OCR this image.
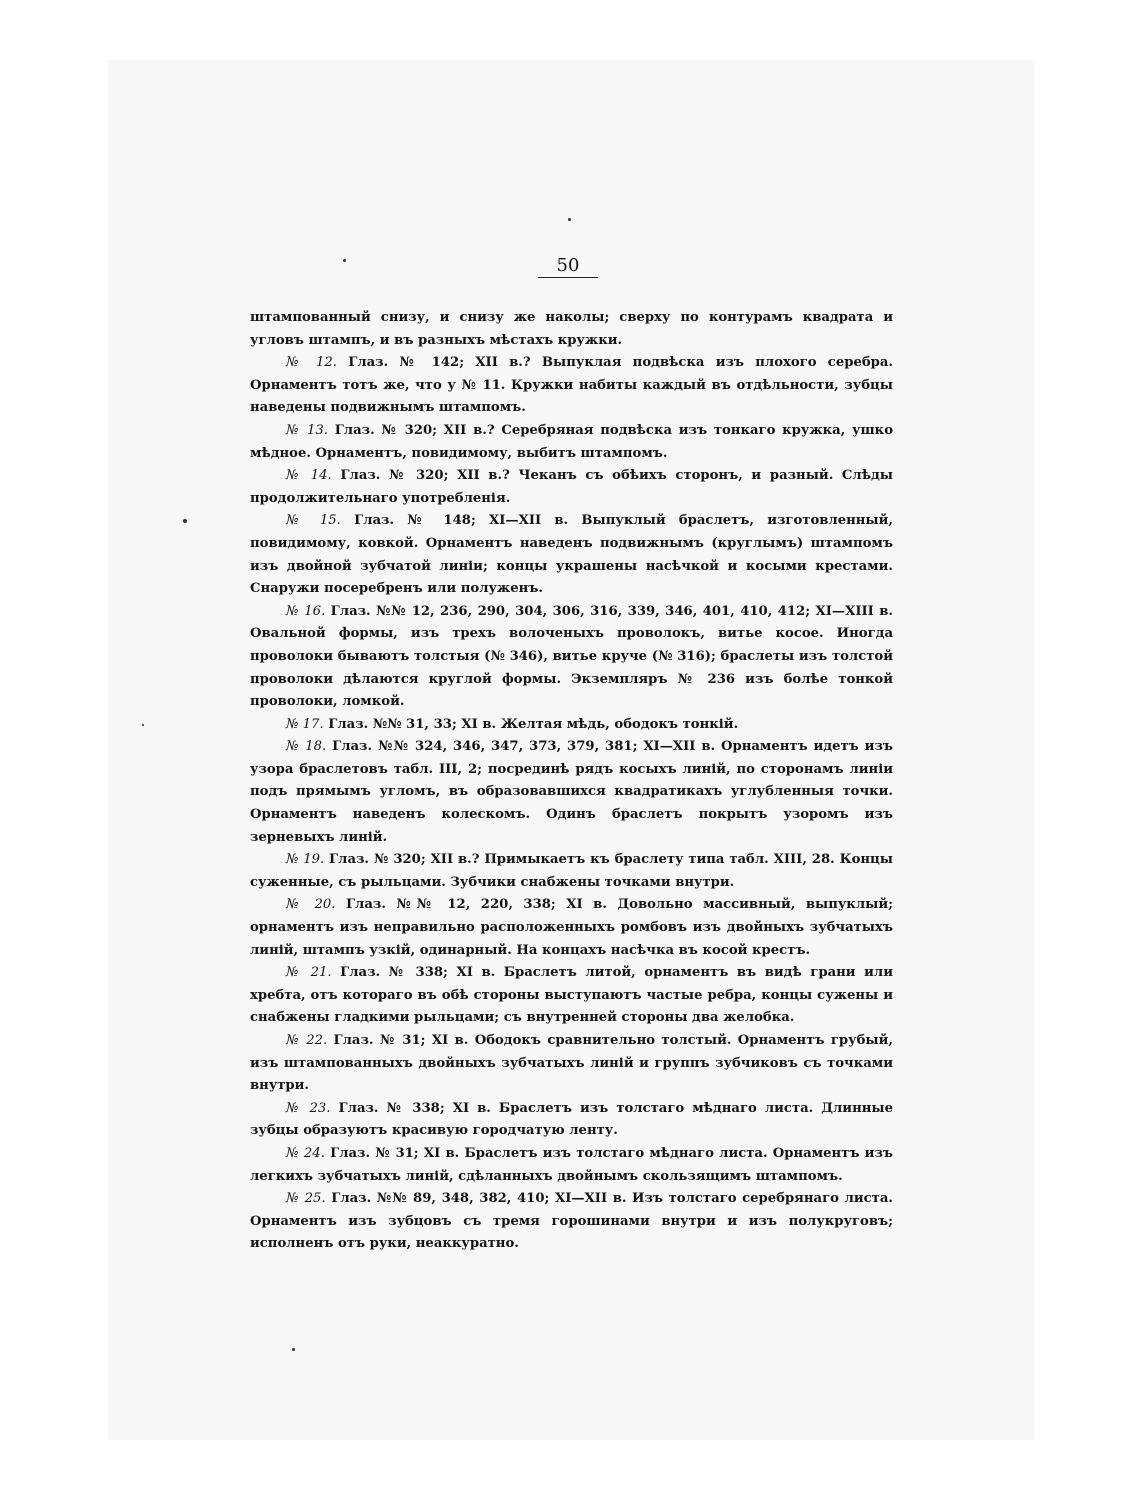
50

штампованный снизу, и снизу же наколы; сверху по контурамъ квадрата и угловъ штампъ, и въ разныхъ мѣстахъ кружки.

№ 12. Глаз. № 142; XII в.? Выпуклая подвѣска изъ плохого серебра. Орнаментъ тотъ же, что у № 11. Кружки набиты каждый въ отдѣльности, зубцы наведены подвижнымъ штампомъ.

№ 13. Глаз. № 320; XII в.? Серебряная подвѣска изъ тонкаго кружка, ушко мѣдное. Орнаментъ, повидимому, выбитъ штампомъ.

№ 14. Глаз. № 320; XII в.? Чеканъ съ обѣихъ сторонъ, и разный. Слѣды продолжительнаго употребленія.

№ 15. Глаз. № 148; XI—XII в. Выпуклый браслетъ, изготовленный, повидимому, ковкой. Орнаментъ наведенъ подвижнымъ (круглымъ) штампомъ изъ двойной зубчатой линіи; концы украшены насѣчкой и косыми крестами. Снаружи посеребренъ или полуженъ.

№ 16. Глаз. №№ 12, 236, 290, 304, 306, 316, 339, 346, 401, 410, 412; XI—XIII в. Овальной формы, изъ трехъ волоченыхъ проволокъ, витье косое. Иногда проволоки бываютъ толстыя (№ 346), витье круче (№ 316); браслеты изъ толстой проволоки дѣлаются круглой формы. Экземпляръ № 236 изъ болѣе тонкой проволоки, ломкой.

№ 17. Глаз. №№ 31, 33; XI в. Желтая мѣдь, ободокъ тонкій.

№ 18. Глаз. №№ 324, 346, 347, 373, 379, 381; XI—XII в. Орнаментъ идетъ изъ узора браслетовъ табл. III, 2; посрединѣ рядъ косыхъ линій, по сторонамъ линіи подъ прямымъ угломъ, въ образовавшихся квадратикахъ углубленныя точки. Орнаментъ наведенъ колескомъ. Одинъ браслетъ покрытъ узоромъ изъ зерневыхъ линій.

№ 19. Глаз. № 320; XII в.? Примыкаетъ къ браслету типа табл. XIII, 28. Концы суженные, съ рыльцами. Зубчики снабжены точками внутри.

№ 20. Глаз. №№ 12, 220, 338; XI в. Довольно массивный, выпуклый; орнаментъ изъ неправильно расположенныхъ ромбовъ изъ двойныхъ зубчатыхъ линій, штампъ узкій, одинарный. На концахъ насѣчка въ косой крестъ.

№ 21. Глаз. № 338; XI в. Браслетъ литой, орнаментъ въ видѣ грани или хребта, отъ котораго въ обѣ стороны выступаютъ частые ребра, концы сужены и снабжены гладкими рыльцами; съ внутренней стороны два желобка.

№ 22. Глаз. № 31; XI в. Ободокъ сравнительно толстый. Орнаментъ грубый, изъ штампованныхъ двойныхъ зубчатыхъ линій и группъ зубчиковъ съ точками внутри.

№ 23. Глаз. № 338; XI в. Браслетъ изъ толстаго мѣднаго листа. Длинные зубцы образуютъ красивую городчатую ленту.

№ 24. Глаз. № 31; XI в. Браслетъ изъ толстаго мѣднаго листа. Орнаментъ изъ легкихъ зубчатыхъ линій, сдѣланныхъ двойнымъ скользящимъ штампомъ.

№ 25. Глаз. №№ 89, 348, 382, 410; XI—XII в. Изъ толстаго серебрянаго листа. Орнаментъ изъ зубцовъ съ тремя горошинами внутри и изъ полукруговъ; исполненъ отъ руки, неаккуратно.
